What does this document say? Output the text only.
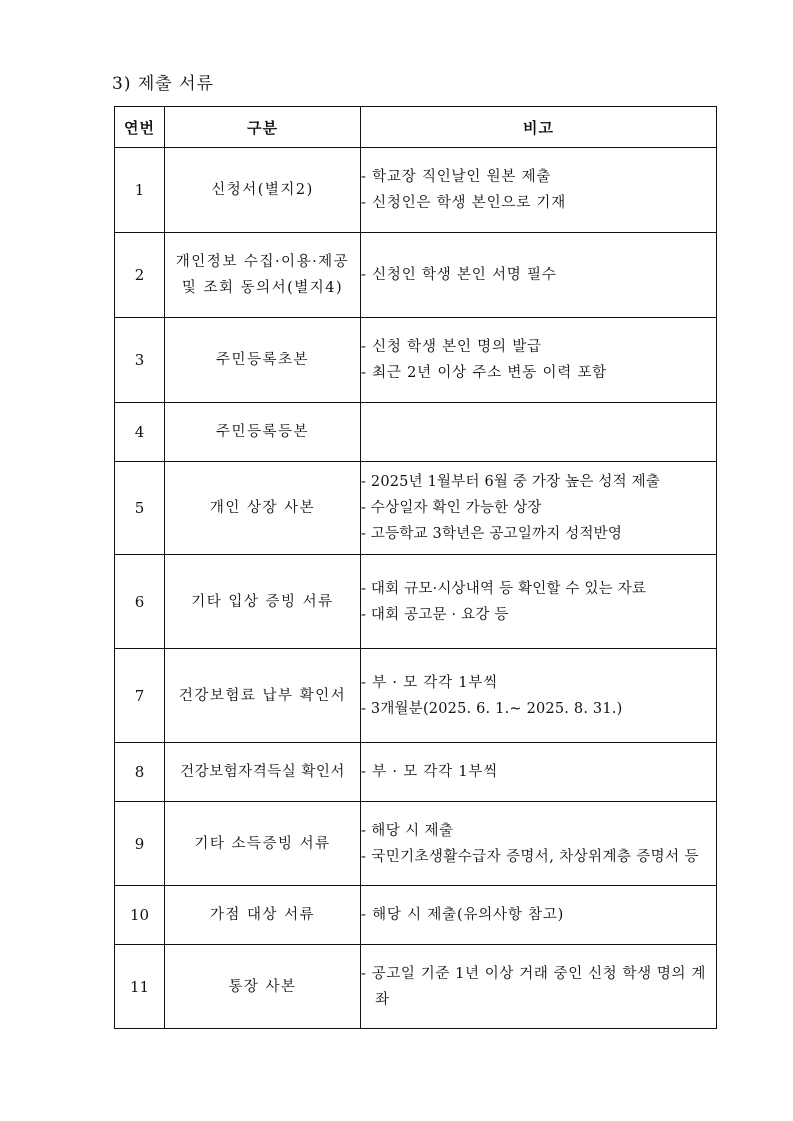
3) 제출 서류
연번	구분	비고
1	신청서(별지2)	- 학교장 직인날인 원본 제출
- 신청인은 학생 본인으로 기재

2	개인정보 수집·이용·제공
및 조회 동의서(별지4)	- 신청인 학생 본인 서명 필수

3	주민등록초본	- 신청 학생 본인 명의 발급
- 최근 2년 이상 주소 변동 이력 포함

4	주민등록등본	

5	개인 상장 사본	- 2025년 1월부터 6월 중 가장 높은 성적 제출
- 수상일자 확인 가능한 상장
- 고등학교 3학년은 공고일까지 성적반영

6	기타 입상 증빙 서류	- 대회 규모·시상내역 등 확인할 수 있는 자료
- 대회 공고문 · 요강 등

7	건강보험료 납부 확인서	- 부 · 모 각각 1부씩
- 3개월분(2025. 6. 1.~ 2025. 8. 31.)

8	건강보험자격득실 확인서	- 부 · 모 각각 1부씩

9	기타 소득증빙 서류	- 해당 시 제출
- 국민기초생활수급자 증명서, 차상위계층 증명서 등

10	가점 대상 서류	- 해당 시 제출(유의사항 참고)

11	통장 사본	- 공고일 기준 1년 이상 거래 중인 신청 학생 명의 계좌
